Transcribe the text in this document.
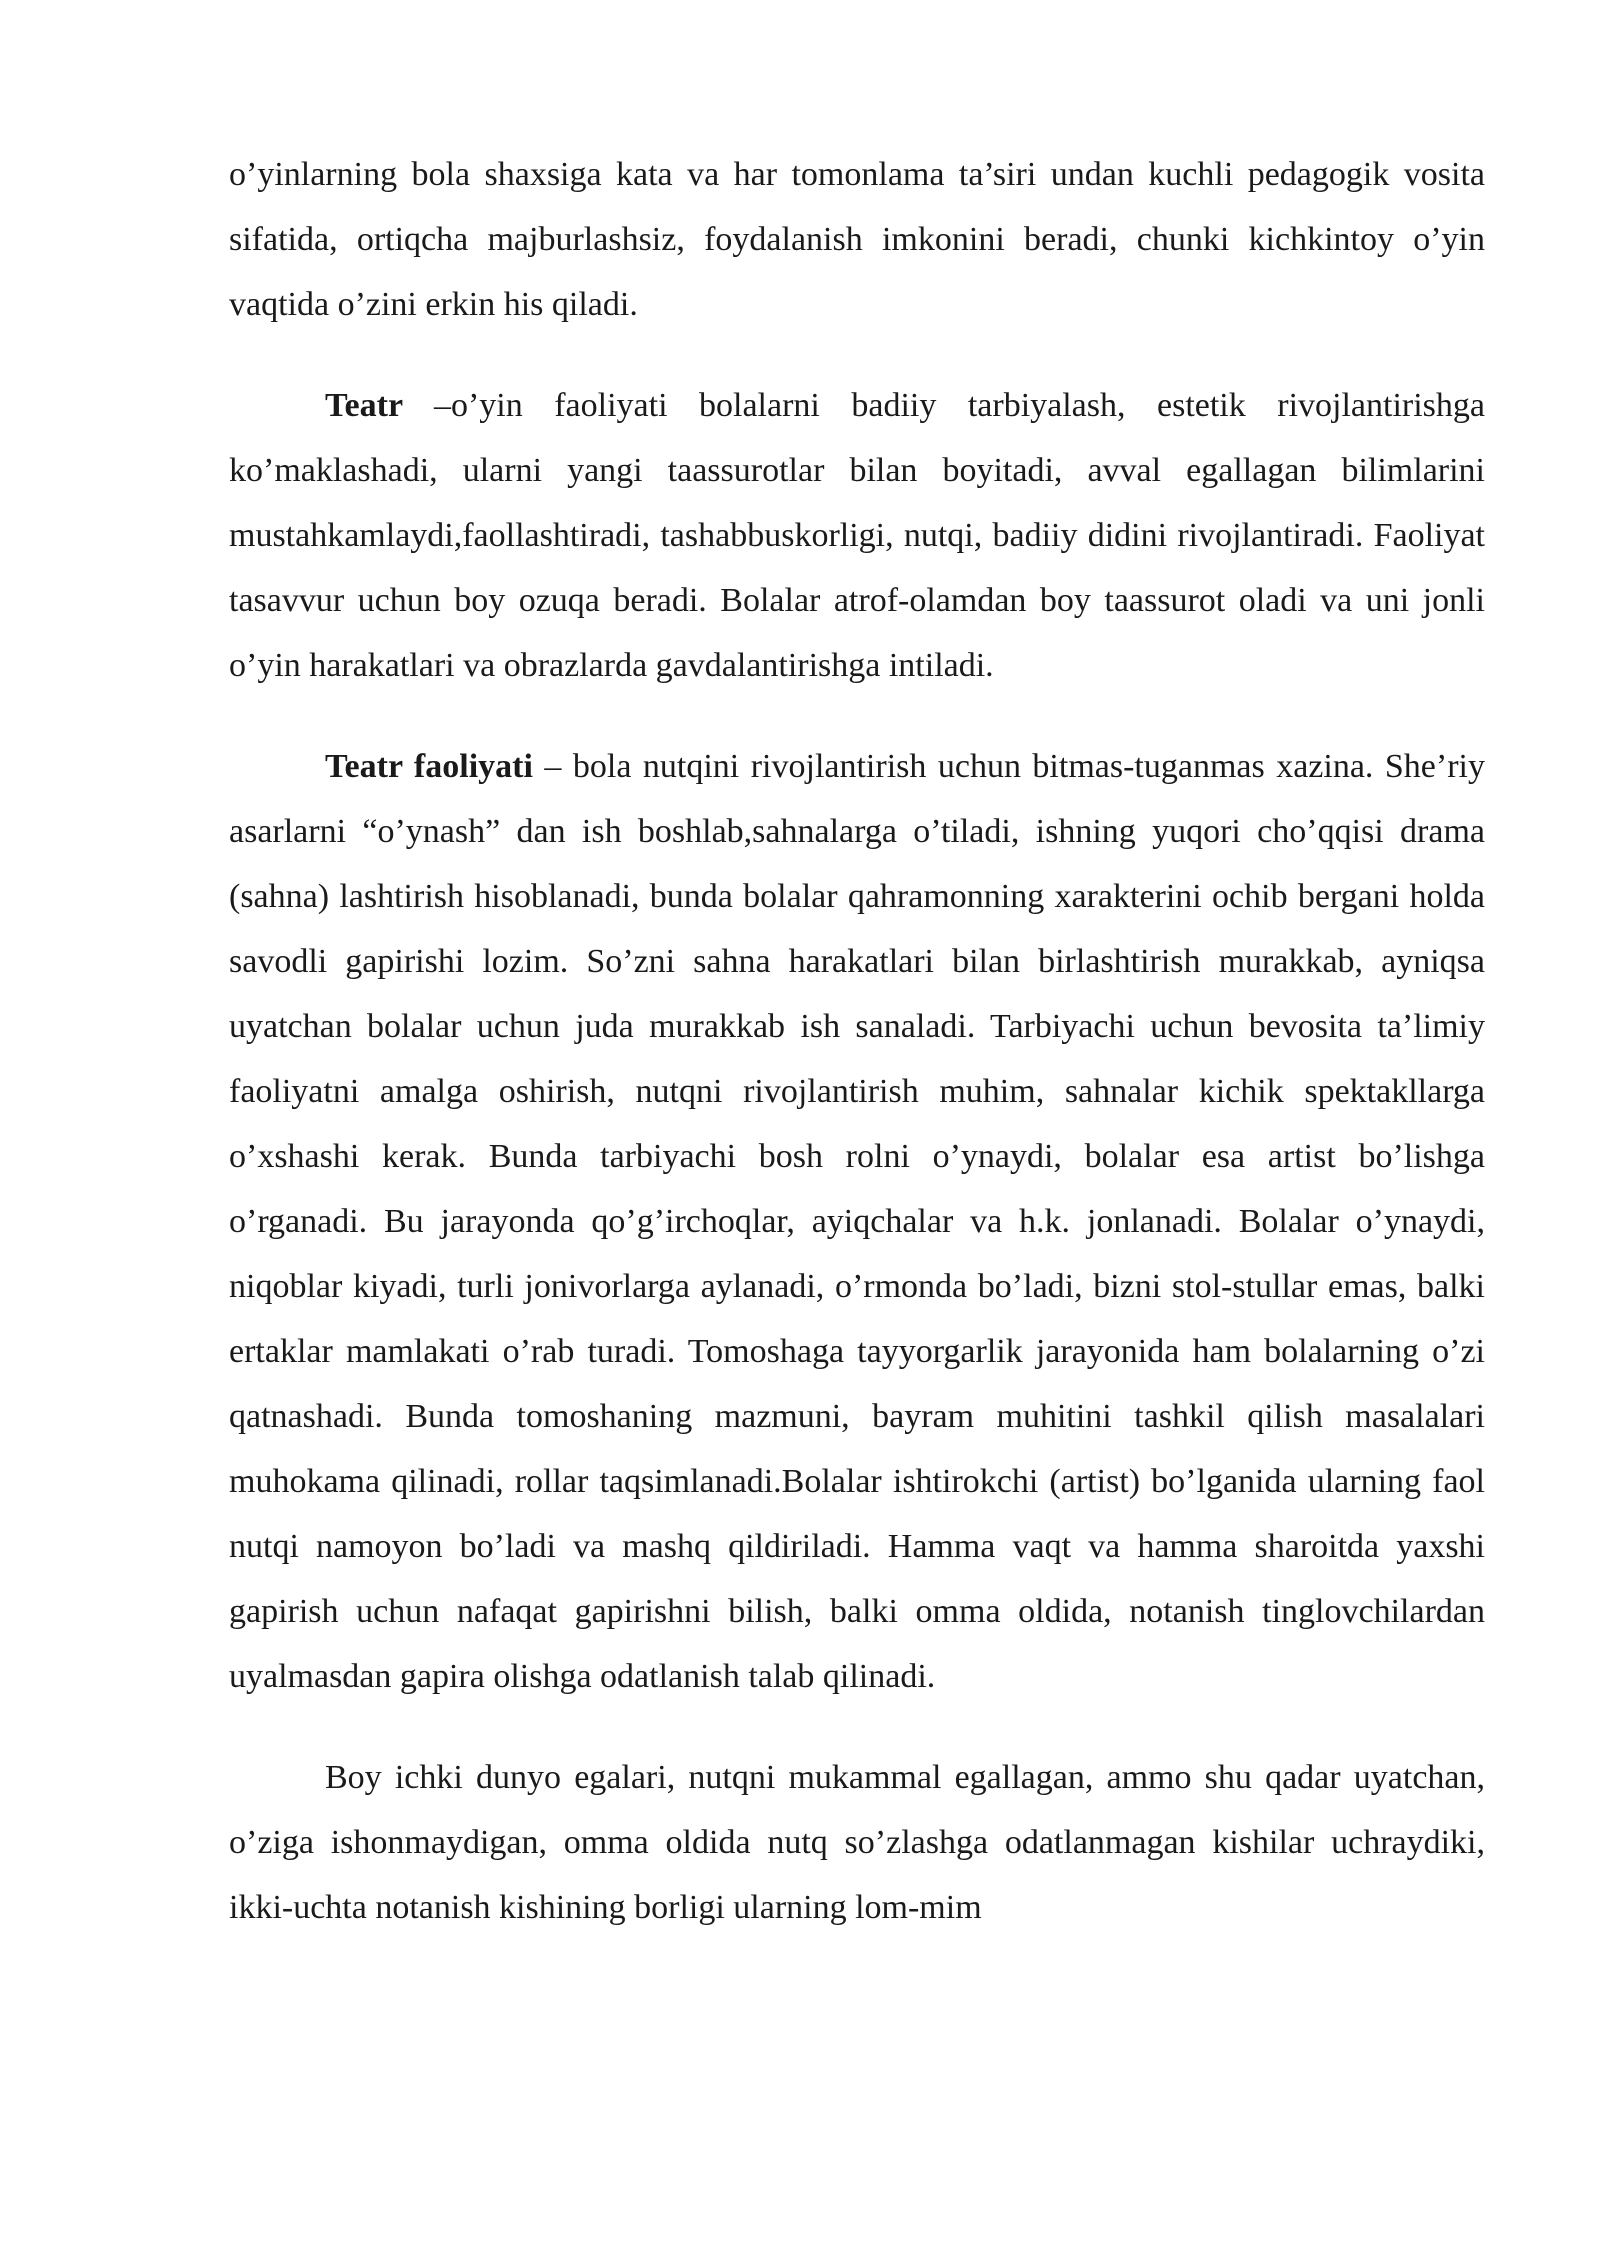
o’yinlarning bola shaxsiga kata va har tomonlama ta’siri undan kuchli pedagogik vosita sifatida, ortiqcha majburlashsiz, foydalanish imkonini beradi, chunki kichkintoy o’yin vaqtida o’zini erkin his qiladi.

Teatr –o’yin faoliyati bolalarni badiiy tarbiyalash, estetik rivojlantirishga ko’maklashadi, ularni yangi taassurotlar bilan boyitadi, avval egallagan bilimlarini mustahkamlaydi,faollashtiradi, tashabbuskorligi, nutqi, badiiy didini rivojlantiradi. Faoliyat tasavvur uchun boy ozuqa beradi. Bolalar atrof-olamdan boy taassurot oladi va uni jonli o’yin harakatlari va obrazlarda gavdalantirishga intiladi.

Teatr faoliyati – bola nutqini rivojlantirish uchun bitmas-tuganmas xazina. She’riy asarlarni “o’ynash” dan ish boshlab,sahnalarga o’tiladi, ishning yuqori cho’qqisi drama (sahna) lashtirish hisoblanadi, bunda bolalar qahramonning xarakterini ochib bergani holda savodli gapirishi lozim. So’zni sahna harakatlari bilan birlashtirish murakkab, ayniqsa uyatchan bolalar uchun juda murakkab ish sanaladi. Tarbiyachi uchun bevosita ta’limiy faoliyatni amalga oshirish, nutqni rivojlantirish muhim, sahnalar kichik spektakllarga o’xshashi kerak. Bunda tarbiyachi bosh rolni o’ynaydi, bolalar esa artist bo’lishga o’rganadi. Bu jarayonda qo’g’irchoqlar, ayiqchalar va h.k. jonlanadi. Bolalar o’ynaydi, niqoblar kiyadi, turli jonivorlarga aylanadi, o’rmonda bo’ladi, bizni stol-stullar emas, balki ertaklar mamlakati o’rab turadi. Tomoshaga tayyorgarlik jarayonida ham bolalarning o’zi qatnashadi. Bunda tomoshaning mazmuni, bayram muhitini tashkil qilish masalalari muhokama qilinadi, rollar taqsimlanadi.Bolalar ishtirokchi (artist) bo’lganida ularning faol nutqi namoyon bo’ladi va mashq qildiriladi. Hamma vaqt va hamma sharoitda yaxshi gapirish uchun nafaqat gapirishni bilish, balki omma oldida, notanish tinglovchilardan uyalmasdan gapira olishga odatlanish talab qilinadi.

Boy ichki dunyo egalari, nutqni mukammal egallagan, ammo shu qadar uyatchan, o’ziga ishonmaydigan, omma oldida nutq so’zlashga odatlanmagan kishilar uchraydiki, ikki-uchta notanish kishining borligi ularning lom-mim
